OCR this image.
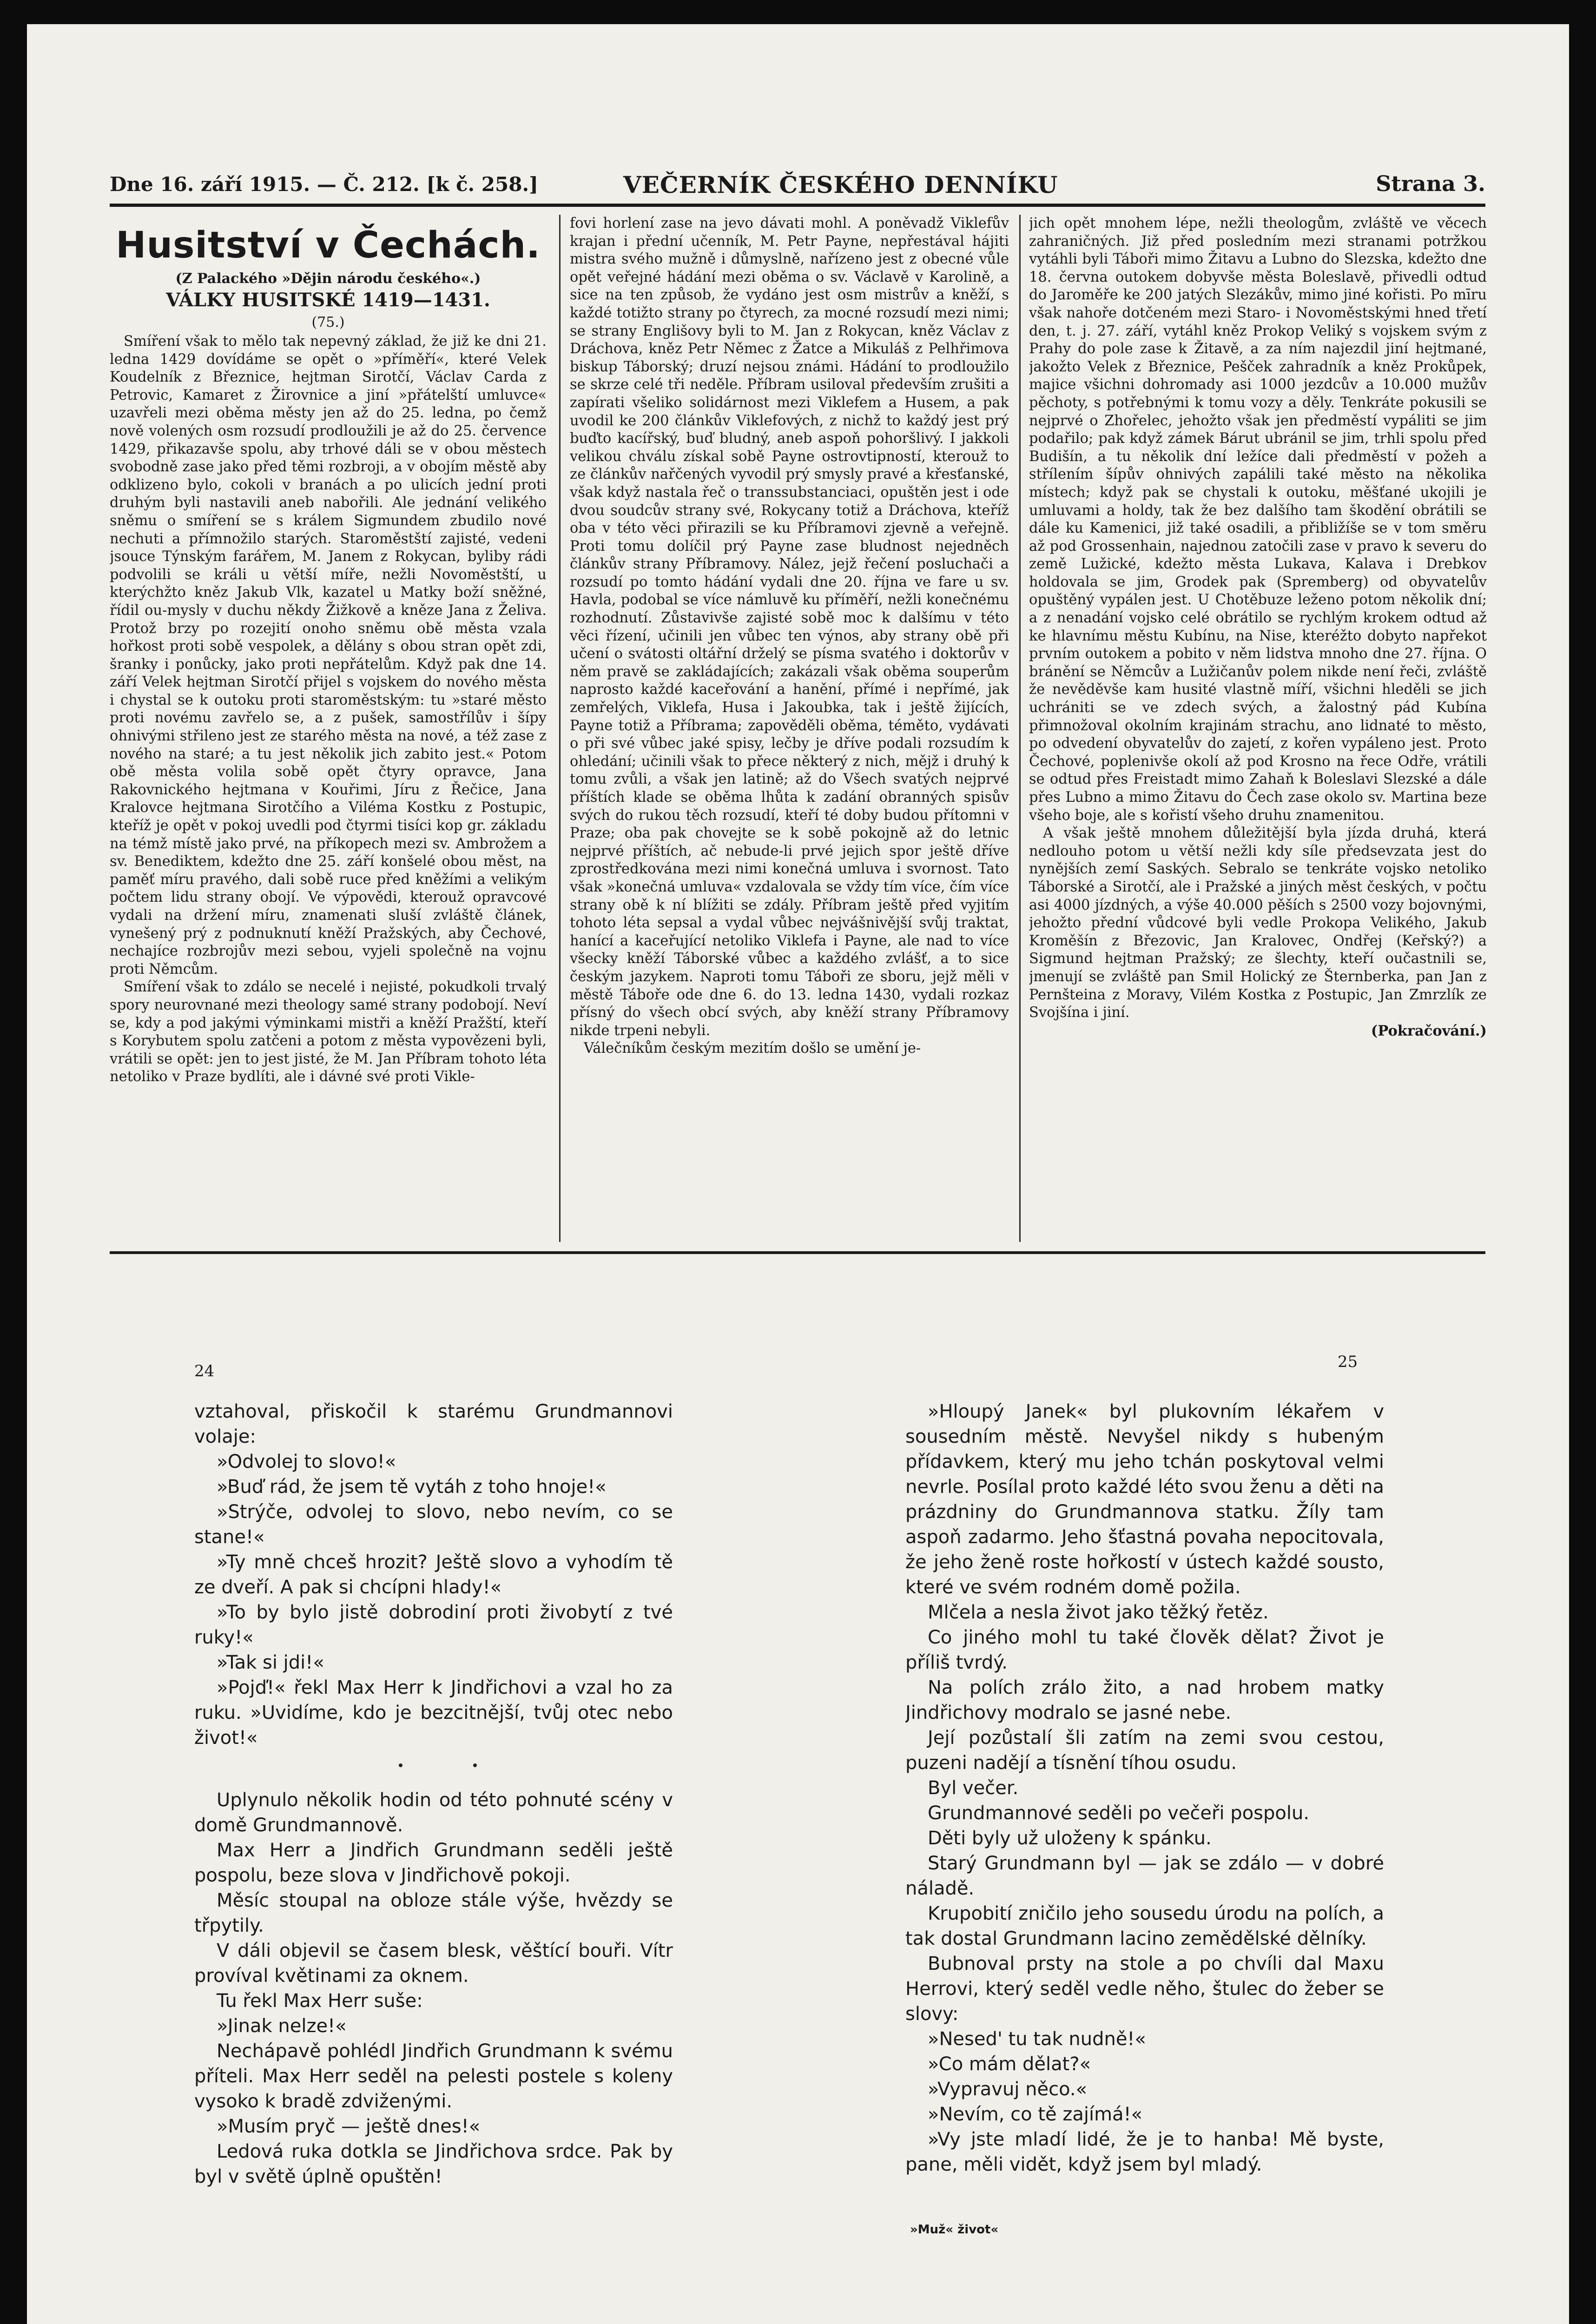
Dne 16. září 1915. — Č. 212. [k č. 258.]	VEČERNÍK ČESKÉHO DENNÍKU	Strana 3.
Husitství v Čechách.

(Z Palackého »Dějin národu českého«.)

VÁLKY HUSITSKÉ 1419—1431.

(75.)

Smíření však to mělo tak nepevný základ, že již ke dni 21. ledna 1429 dovídáme se opět o »příměří«, které Velek Koudelník z Březnice, hejtman Sirotčí, Václav Carda z Petrovic, Kamaret z Žirovnice a jiní »přátelští umluvce« uzavřeli mezi oběma městy jen až do 25. ledna, po čemž nově volených osm rozsudí prodloužili je až do 25. července 1429, přikazavše spolu, aby trhové dáli se v obou městech svobodně zase jako před těmi rozbroji, a v obojím městě aby odklizeno bylo, cokoli v branách a po ulicích jední proti druhým byli nastavili aneb nabořili. Ale jednání velikého sněmu o smíření se s králem Sigmundem zbudilo nové nechuti a přímnožilo starých. Staroměstští zajisté, vedeni jsouce Týnským farářem, M. Janem z Rokycan, byliby rádi podvolili se králi u větší míře, nežli Novoměstští, u kterýchžto kněz Jakub Vlk, kazatel u Matky boží sněžné, řídil ou-mysly v duchu někdy Žižkově a kněze Jana z Želiva. Protož brzy po rozejití onoho sněmu obě města vzala hořkost proti sobě vespolek, a dělány s obou stran opět zdi, šranky i ponůcky, jako proti nepřátelům. Když pak dne 14. září Velek hejtman Sirotčí přijel s vojskem do nového města i chystal se k outoku proti staroměstským: tu »staré město proti novému zavřelo se, a z pušek, samostřílův i šípy ohnivými střileno jest ze starého města na nové, a též zase z nového na staré; a tu jest několik jich zabito jest.« Potom obě města volila sobě opět čtyry opravce, Jana Rakovnického hejtmana v Kouřimi, Jíru z Řečice, Jana Kralovce hejtmana Sirotčího a Viléma Kostku z Postupic, kteříž je opět v pokoj uvedli pod čtyrmi tisíci kop gr. základu na témž místě jako prvé, na příkopech mezi sv. Ambrožem a sv. Benediktem, kdežto dne 25. září konšelé obou měst, na paměť míru pravého, dali sobě ruce před kněžími a velikým počtem lidu strany obojí. Ve výpovědi, kterouž opravcové vydali na držení míru, znamenati sluší zvláště článek, vynešený prý z podnuknutí kněží Pražských, aby Čechové, nechajíce rozbrojův mezi sebou, vyjeli společně na vojnu proti Němcům.

Smíření však to zdálo se necelé i nejisté, pokudkoli trvalý spory neurovnané mezi theology samé strany podobojí. Neví se, kdy a pod jakými výminkami mistři a kněží Pražští, kteří s Korybutem spolu zatčeni a potom z města vypovězeni byli, vrátili se opět: jen to jest jisté, že M. Jan Příbram tohoto léta netoliko v Praze bydlíti, ale i dávné své proti Vikle-

fovi horlení zase na jevo dávati mohl. A poněvadž Viklefův krajan i přední učenník, M. Petr Payne, nepřestával hájiti mistra svého mužně i důmyslně, nařízeno jest z obecné vůle opět veřejné hádání mezi oběma o sv. Václavě v Karolině, a sice na ten způsob, že vydáno jest osm mistrův a kněží, s každé totižto strany po čtyrech, za mocné rozsudí mezi nimi; se strany Englišovy byli to M. Jan z Rokycan, kněz Václav z Dráchova, kněz Petr Němec z Žatce a Mikuláš z Pelhřimova biskup Táborský; druzí nejsou známi. Hádání to prodloužilo se skrze celé tři neděle. Příbram usiloval především zrušiti a zapírati všeliko solidárnost mezi Viklefem a Husem, a pak uvodil ke 200 článkův Viklefových, z nichž to každý jest prý buďto kacířský, buď bludný, aneb aspoň pohoršlivý. I jakkoli velikou chválu získal sobě Payne ostrovtipností, kterouž to ze článkův nařčených vyvodil prý smysly pravé a křesťanské, však když nastala řeč o transsubstanciaci, opuštěn jest i ode dvou soudcův strany své, Rokycany totiž a Dráchova, kteříž oba v této věci přirazili se ku Příbramovi zjevně a veřejně. Proti tomu dolíčil prý Payne zase bludnost nejedněch článkův strany Příbramovy. Nález, jejž řečení posluchači a rozsudí po tomto hádání vydali dne 20. října ve fare u sv. Havla, podobal se více námluvě ku příměří, nežli konečnému rozhodnutí. Zůstavivše zajisté sobě moc k dalšímu v této věci řízení, učinili jen vůbec ten výnos, aby strany obě při učení o svátosti oltářní drželý se písma svatého i doktorův v něm pravě se zakládajících; zakázali však oběma souperům naprosto každé kaceřování a hanění, přímé i nepřímé, jak zemřelých, Viklefa, Husa i Jakoubka, tak i ještě žijících, Payne totiž a Příbrama; zapověděli oběma, téměto, vydávati o při své vůbec jaké spisy, lečby je dříve podali rozsudím k ohledání; učinili však to přece některý z nich, mějž i druhý k tomu zvůli, a však jen latině; až do Všech svatých nejprvé příštích klade se oběma lhůta k zadání obranných spisův svých do rukou těch rozsudí, kteří té doby budou přítomni v Praze; oba pak chovejte se k sobě pokojně až do letnic nejprvé příštích, ač nebude-li prvé jejich spor ještě dříve zprostředkována mezi nimi konečná umluva i svornost. Tato však »konečná umluva« vzdalovala se vždy tím více, čím více strany obě k ní blížiti se zdály. Příbram ještě před vyjitím tohoto léta sepsal a vydal vůbec nejvášnivější svůj traktat, hanící a kaceřující netoliko Viklefa i Payne, ale nad to více všecky kněží Táborské vůbec a každého zvlášť, a to sice českým jazykem. Naproti tomu Táboři ze sboru, jejž měli v městě Táboře ode dne 6. do 13. ledna 1430, vydali rozkaz přísný do všech obcí svých, aby kněží strany Příbramovy nikde trpeni nebyli.

Válečníkům českým mezitím došlo se umění je-

jich opět mnohem lépe, nežli theologům, zvláště ve věcech zahraničných. Již před posledním mezi stranami potržkou vytáhli byli Táboři mimo Žitavu a Lubno do Slezska, kdežto dne 18. června outokem dobyvše města Boleslavě, přivedli odtud do Jaroměře ke 200 jatých Slezákův, mimo jiné kořisti. Po mīru však nahoře dotčeném mezi Staro- i Novoměstskými hned třetí den, t. j. 27. září, vytáhl kněz Prokop Veliký s vojskem svým z Prahy do pole zase k Žitavě, a za ním najezdil jiní hejtmané, jakožto Velek z Březnice, Pešček zahradník a kněz Prokůpek, majice všichni dohromady asi 1000 jezdcův a 10.000 mužův pěchoty, s potřebnými k tomu vozy a děly. Tenkráte pokusili se nejprvé o Zhořelec, jehožto však jen předměstí vypáliti se jim podařilo; pak když zámek Bárut ubránil se jim, trhli spolu před Budišín, a tu několik dní ležíce dali předměstí v požeh a střílením šípův ohnivých zapálili také město na několika místech; když pak se chystali k outoku, měšťané ukojili je umluvami a holdy, tak že bez dalšího tam škodění obrátili se dále ku Kamenici, již také osadili, a přibližíše se v tom směru až pod Grossenhain, najednou zatočili zase v pravo k severu do země Lužické, kdežto města Lukava, Kalava i Drebkov holdovala se jim, Grodek pak (Spremberg) od obyvatelův opuštěný vypálen jest. U Chotěbuze leženo potom několik dní; a z nenadání vojsko celé obrátilo se rychlým krokem odtud až ke hlavnímu městu Kubínu, na Nise, kteréžto dobyto napřekot prvním outokem a pobito v něm lidstva mnoho dne 27. října. O bránění se Němcův a Lužičanův polem nikde není řeči, zvláště že nevěděvše kam husité vlastně míří, všichni hleděli se jich uchrániti se ve zdech svých, a žalostný pád Kubína přimnožoval okolním krajinám strachu, ano lidnaté to město, po odvedení obyvatelův do zajetí, z kořen vypáleno jest. Proto Čechové, poplenivše okolí až pod Krosno na řece Odře, vrátili se odtud přes Freistadt mimo Zahaň k Boleslavi Slezské a dále přes Lubno a mimo Žitavu do Čech zase okolo sv. Martina beze všeho boje, ale s kořistí všeho druhu znamenitou.

A však ještě mnohem důležitější byla jízda druhá, která nedlouho potom u větší nežli kdy síle předsevzata jest do nynějších zemí Saských. Sebralo se tenkráte vojsko netoliko Táborské a Sirotčí, ale i Pražské a jiných měst českých, v počtu asi 4000 jízdných, a výše 40.000 pěších s 2500 vozy bojovnými, jehožto přední vůdcové byli vedle Prokopa Velikého, Jakub Kroměšín z Březovic, Jan Kralovec, Ondřej (Keřský?) a Sigmund hejtman Pražský; ze šlechty, kteří oučastnili se, jmenují se zvláště pan Smil Holický ze Šternberka, pan Jan z Pernšteina z Moravy, Vilém Kostka z Postupic, Jan Zmrzlík ze Svojšína i jiní.

(Pokračování.)

24	25

vztahoval, přiskočil k starému Grundmannovi volaje:

»Odvolej to slovo!«

»Buď rád, že jsem tě vytáh z toho hnoje!«

»Strýče, odvolej to slovo, nebo nevím, co se stane!«

»Ty mně chceš hrozit? Ještě slovo a vyhodím tě ze dveří. A pak si chcípni hlady!«

»To by bylo jistě dobrodiní proti živobytí z tvé ruky!«

»Tak si jdi!«

»Pojď!« řekl Max Herr k Jindřichovi a vzal ho za ruku. »Uvidíme, kdo je bezcitnější, tvůj otec nebo život!«

Uplynulo několik hodin od této pohnuté scény v domě Grundmannově.

Max Herr a Jindřich Grundmann seděli ještě pospolu, beze slova v Jindřichově pokoji.

Měsíc stoupal na obloze stále výše, hvězdy se třpytily.

V dáli objevil se časem blesk, věštící bouři. Vítr províval květinami za oknem.

Tu řekl Max Herr suše:

»Jinak nelze!«

Nechápavě pohlédl Jindřich Grundmann k svému příteli. Max Herr seděl na pelesti postele s koleny vysoko k bradě zdviženými.

»Musím pryč — ještě dnes!«

Ledová ruka dotkla se Jindřichova srdce. Pak by byl v světě úplně opuštěn!

»Hloupý Janek« byl plukovním lékařem v sousedním městě. Nevyšel nikdy s hubeným přídavkem, který mu jeho tchán poskytoval velmi nevrle. Posílal proto každé léto svou ženu a děti na prázdniny do Grundmannova statku. Žíly tam aspoň zadarmo. Jeho šťastná povaha nepocitovala, že jeho ženě roste hořkostí v ústech každé sousto, které ve svém rodném domě požila.

Mlčela a nesla život jako těžký řetěz.

Co jiného mohl tu také člověk dělat? Život je příliš tvrdý.

Na polích zrálo žito, a nad hrobem matky Jindřichovy modralo se jasné nebe.

Její pozůstalí šli zatím na zemi svou cestou, puzeni nadějí a tísnění tíhou osudu.

Byl večer.

Grundmannové seděli po večeři pospolu.

Děti byly už uloženy k spánku.

Starý Grundmann byl — jak se zdálo — v dobré náladě.

Krupobití zničilo jeho sousedu úrodu na polích, a tak dostal Grundmann lacino zemědělské dělníky.

Bubnoval prsty na stole a po chvíli dal Maxu Herrovi, který seděl vedle něho, štulec do žeber se slovy:

»Nesed' tu tak nudně!«

»Co mám dělat?«

»Vypravuj něco.«

»Nevím, co tě zajímá!«

»Vy jste mladí lidé, že je to hanba! Mě byste, pane, měli vidět, když jsem byl mladý.

»Muž« život«
